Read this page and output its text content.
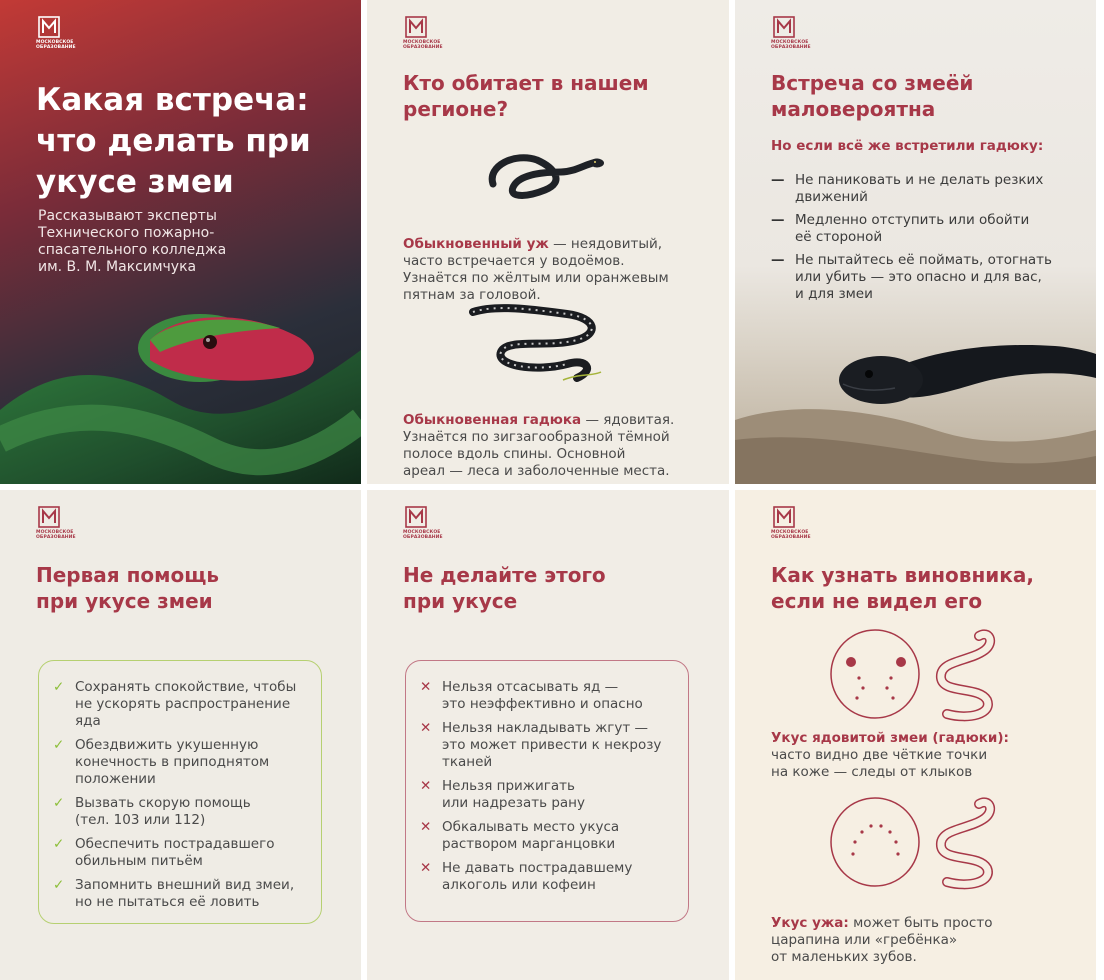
МОСКОВСКОЕ
ОБРАЗОВАНИЕ
Какая встреча:
что делать при
укусе змеи
Рассказывают эксперты
Технического пожарно-
спасательного колледжа
им. В. М. Максимчука
МОСКОВСКОЕ
ОБРАЗОВАНИЕ
Кто обитает в нашем
регионе?

Обыкновенный уж — неядовитый,
часто встречается у водоёмов.
Узнаётся по жёлтым или оранжевым
пятнам за головой.

Обыкновенная гадюка — ядовитая.
Узнаётся по зигзагообразной тёмной
полосе вдоль спины. Основной
ареал — леса и заболоченные места.

МОСКОВСКОЕ
ОБРАЗОВАНИЕ
Встреча со змеёй
маловероятна
Но если всё же встретили гадюку:
— Не паниковать и не делать резких
движений
— Медленно отступить или обойти
её стороной
— Не пытайтесь её поймать, отогнать
или убить — это опасно и для вас,
и для змеи
МОСКОВСКОЕ
ОБРАЗОВАНИЕ
Первая помощь
при укусе змеи
✓ Сохранять спокойствие, чтобы
не ускорять распространение
яда
✓ Обездвижить укушенную
конечность в приподнятом
положении
✓ Вызвать скорую помощь
(тел. 103 или 112)
✓ Обеспечить пострадавшего
обильным питьём
✓ Запомнить внешний вид змеи,
но не пытаться её ловить
МОСКОВСКОЕ
ОБРАЗОВАНИЕ
Не делайте этого
при укусе
✕ Нельзя отсасывать яд —
это неэффективно и опасно
✕ Нельзя накладывать жгут —
это может привести к некрозу
тканей
✕ Нельзя прижигать
или надрезать рану
✕ Обкалывать место укуса
раствором марганцовки
✕ Не давать пострадавшему
алкоголь или кофеин
МОСКОВСКОЕ
ОБРАЗОВАНИЕ
Как узнать виновника,
если не видел его
Укус ядовитой змеи (гадюки):
часто видно две чёткие точки
на коже — следы от клыков

Укус ужа: может быть просто
царапина или «гребёнка»
от маленьких зубов.
